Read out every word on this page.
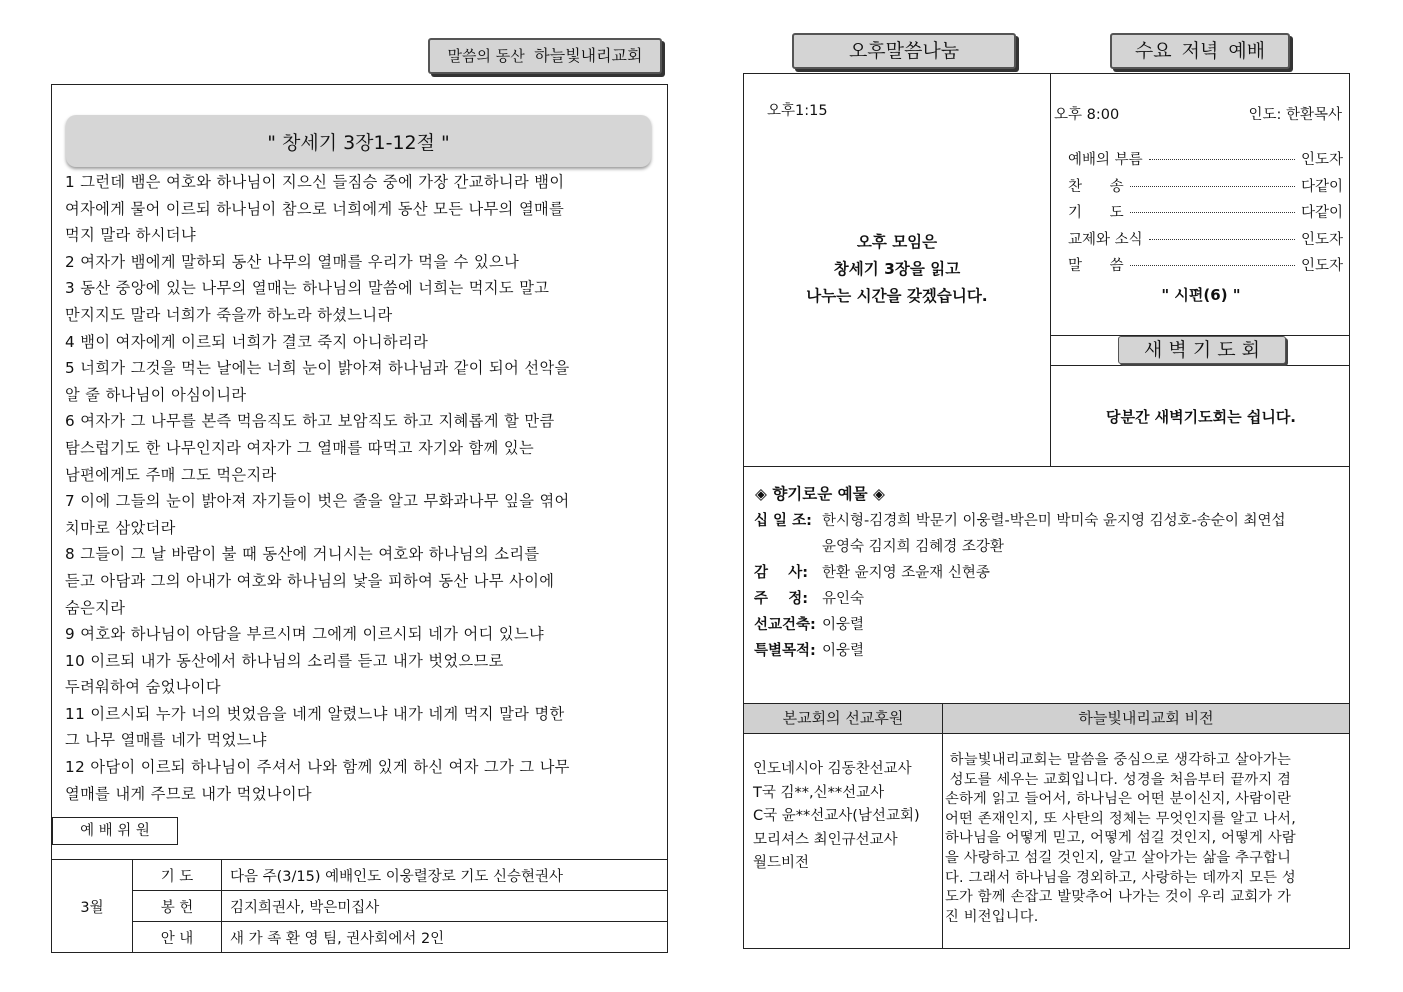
말씀의 동산 하늘빛내리교회
" 창세기 3장1-12절 "

1 그런데 뱀은 여호와 하나님이 지으신 들짐승 중에 가장 간교하니라 뱀이

여자에게 물어 이르되 하나님이 참으로 너희에게 동산 모든 나무의 열매를

먹지 말라 하시더냐

2 여자가 뱀에게 말하되 동산 나무의 열매를 우리가 먹을 수 있으나

3 동산 중앙에 있는 나무의 열매는 하나님의 말씀에 너희는 먹지도 말고

만지지도 말라 너희가 죽을까 하노라 하셨느니라

4 뱀이 여자에게 이르되 너희가 결코 죽지 아니하리라

5 너희가 그것을 먹는 날에는 너희 눈이 밝아져 하나님과 같이 되어 선악을

알 줄 하나님이 아심이니라

6 여자가 그 나무를 본즉 먹음직도 하고 보암직도 하고 지혜롭게 할 만큼

탐스럽기도 한 나무인지라 여자가 그 열매를 따먹고 자기와 함께 있는

남편에게도 주매 그도 먹은지라

7 이에 그들의 눈이 밝아져 자기들이 벗은 줄을 알고 무화과나무 잎을 엮어

치마로 삼았더라

8 그들이 그 날 바람이 불 때 동산에 거니시는 여호와 하나님의 소리를

듣고 아담과 그의 아내가 여호와 하나님의 낯을 피하여 동산 나무 사이에

숨은지라

9 여호와 하나님이 아담을 부르시며 그에게 이르시되 네가 어디 있느냐

10 이르되 내가 동산에서 하나님의 소리를 듣고 내가 벗었으므로

두려워하여 숨었나이다

11 이르시되 누가 너의 벗었음을 네게 알렸느냐 내가 네게 먹지 말라 명한

그 나무 열매를 네가 먹었느냐

12 아담이 이르되 하나님이 주셔서 나와 함께 있게 하신 여자 그가 그 나무

열매를 내게 주므로 내가 먹었나이다

예 배 위 원
3월	기 도	다음 주(3/15) 예배인도 이웅렬장로 기도 신승현권사
	봉 헌	김지희권사, 박은미집사
	안 내	새 가 족 환 영 팀, 권사회에서 2인
오후말씀나눔	수요 저녁 예배
오후1:15
오후 모임은
창세기 3장을 읽고
나누는 시간을 갖겠습니다.
오후 8:00	인도: 한환목사
예배의 부름	인도자
찬      송	다같이
기      도	다같이
교제와 소식	인도자
말      씀	인도자
" 시편(6) "
새 벽 기 도 회
당분간 새벽기도회는 쉽니다.
◈ 향기로운 예물 ◈
십 일 조: 한시형-김경희 박문기 이웅렬-박은미 박미숙 윤지영 김성호-송순이 최연섭
윤영숙 김지희 김혜경 조강환
감    사: 한환 윤지영 조윤재 신현종
주    정: 유인숙
선교건축: 이웅렬
특별목적: 이웅렬
본교회의 선교후원	하늘빛내리교회 비전
인도네시아 김동찬선교사
T국 김**,신**선교사
C국 윤**선교사(남선교회)
모리셔스 최인규선교사
월드비전
하늘빛내리교회는 말씀을 중심으로 생각하고 살아가는
성도를 세우는 교회입니다. 성경을 처음부터 끝까지 겸
손하게 읽고 들어서, 하나님은 어떤 분이신지, 사람이란
어떤 존재인지, 또 사탄의 정체는 무엇인지를 알고 나서,
하나님을 어떻게 믿고, 어떻게 섬길 것인지, 어떻게 사람
을 사랑하고 섬길 것인지, 알고 살아가는 삶을 추구합니
다. 그래서 하나님을 경외하고, 사랑하는 데까지 모든 성
도가 함께 손잡고 발맞추어 나가는 것이 우리 교회가 가
진 비전입니다.
